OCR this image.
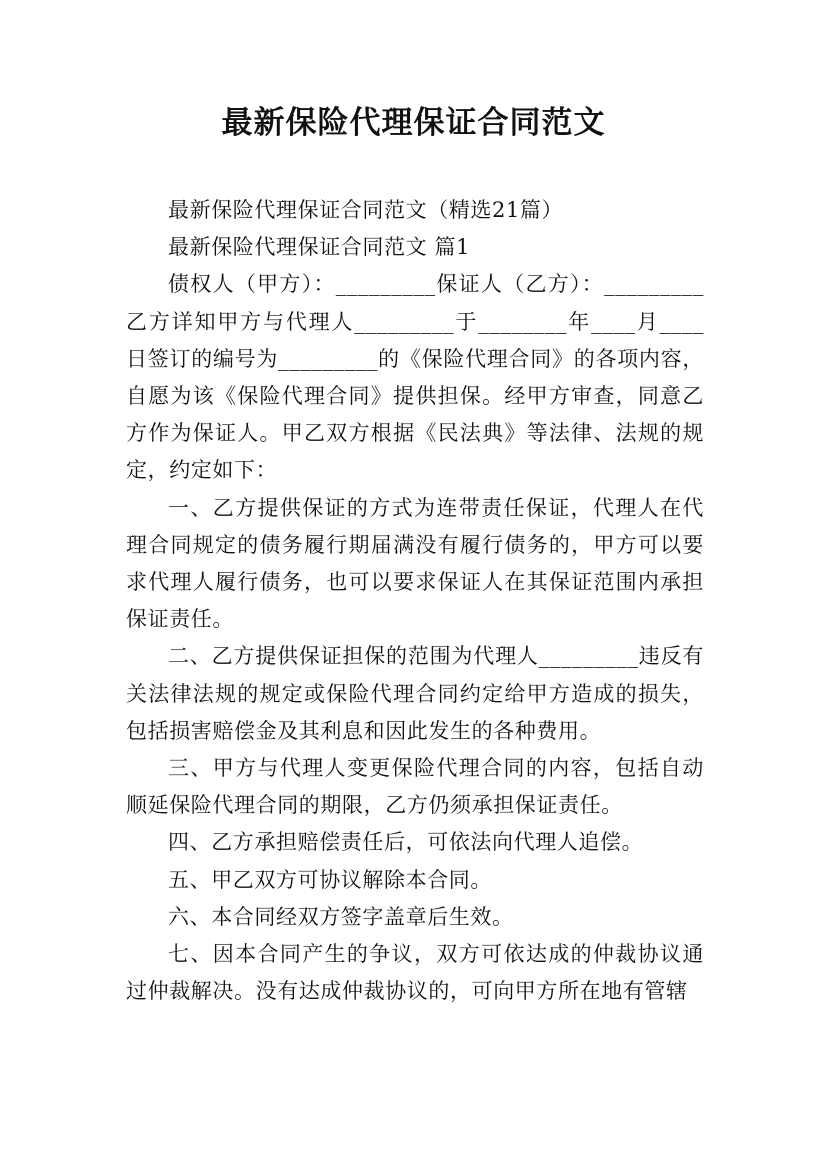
最新保险代理保证合同范文

最新保险代理保证合同范文（精选21篇）

最新保险代理保证合同范文 篇1

债权人（甲方）：_________保证人（乙方）：_________乙方详知甲方与代理人_________于________年____月____日签订的编号为_________的《保险代理合同》的各项内容，自愿为该《保险代理合同》提供担保。经甲方审查，同意乙方作为保证人。甲乙双方根据《民法典》等法律、法规的规定，约定如下：

一、乙方提供保证的方式为连带责任保证，代理人在代理合同规定的债务履行期届满没有履行债务的，甲方可以要求代理人履行债务，也可以要求保证人在其保证范围内承担保证责任。

二、乙方提供保证担保的范围为代理人_________违反有关法律法规的规定或保险代理合同约定给甲方造成的损失，包括损害赔偿金及其利息和因此发生的各种费用。

三、甲方与代理人变更保险代理合同的内容，包括自动顺延保险代理合同的期限，乙方仍须承担保证责任。

四、乙方承担赔偿责任后，可依法向代理人追偿。

五、甲乙双方可协议解除本合同。

六、本合同经双方签字盖章后生效。

七、因本合同产生的争议，双方可依达成的仲裁协议通过仲裁解决。没有达成仲裁协议的，可向甲方所在地有管辖
